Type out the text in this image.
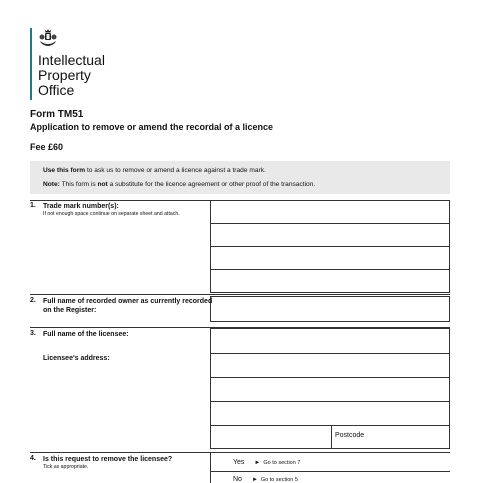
Intellectual
Property
Office
Form TM51
Application to remove or amend the recordal of a licence
Fee £60
Use this form to ask us to remove or amend a licence against a trade mark.
Note: This form is not a substitute for the licence agreement or other proof of the transaction.
1. Trade mark number(s):
If not enough space continue on separate sheet and attach.
2. Full name of recorded owner as currently recorded on the Register:
3. Full name of the licensee:
Licensee's address:
Postcode
4. Is this request to remove the licensee?
Tick as appropriate.
Yes ► Go to section 7
No ► Go to section 5
